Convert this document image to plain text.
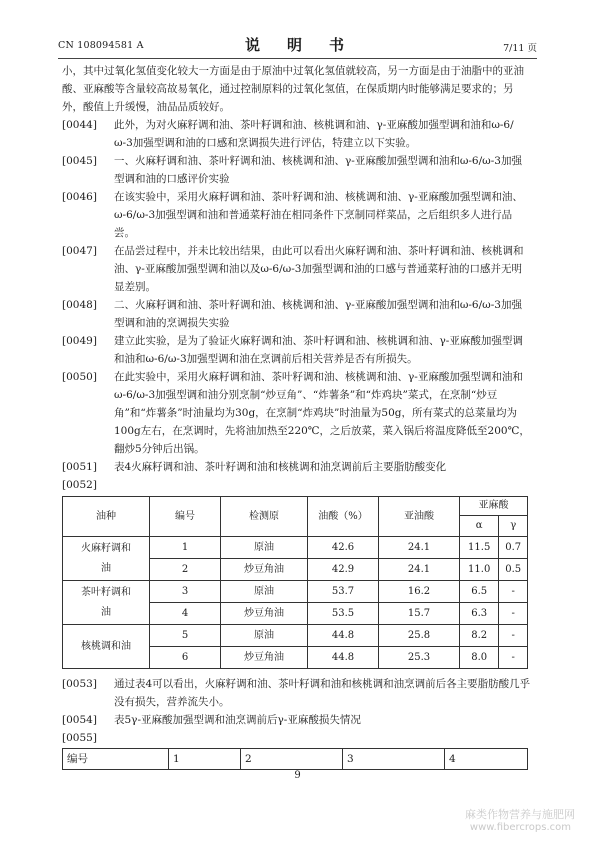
CN 108094581 A	说　明　书	7/11 页

小，其中过氧化氢值变化较大一方面是由于原油中过氧化氢值就较高，另一方面是由于油脂中的亚油酸、亚麻酸等含量较高故易氧化，通过控制原料的过氧化氢值，在保质期内时能够满足要求的；另外，酸值上升缓慢，油品品质较好。

[0044]	此外，为对火麻籽调和油、茶叶籽调和油、核桃调和油、γ-亚麻酸加强型调和油和ω-6/ω-3加强型调和油的口感和烹调损失进行评估，特建立以下实验。
[0045]	一、火麻籽调和油、茶叶籽调和油、核桃调和油、γ-亚麻酸加强型调和油和ω-6/ω-3加强型调和油的口感评价实验
[0046]	在该实验中，采用火麻籽调和油、茶叶籽调和油、核桃调和油、γ-亚麻酸加强型调和油、ω-6/ω-3加强型调和油和普通菜籽油在相同条件下烹制同样菜品，之后组织多人进行品尝。
[0047]	在品尝过程中，并未比较出结果，由此可以看出火麻籽调和油、茶叶籽调和油、核桃调和油、γ-亚麻酸加强型调和油以及ω-6/ω-3加强型调和油的口感与普通菜籽油的口感并无明显差别。
[0048]	二、火麻籽调和油、茶叶籽调和油、核桃调和油、γ-亚麻酸加强型调和油和ω-6/ω-3加强型调和油的烹调损失实验
[0049]	建立此实验，是为了验证火麻籽调和油、茶叶籽调和油、核桃调和油、γ-亚麻酸加强型调和油和ω-6/ω-3加强型调和油在烹调前后相关营养是否有所损失。
[0050]	在此实验中，采用火麻籽调和油、茶叶籽调和油、核桃调和油、γ-亚麻酸加强型调和油和ω-6/ω-3加强型调和油分别烹制“炒豆角”、“炸薯条”和“炸鸡块”菜式，在烹制“炒豆角”和“炸薯条”时油量均为30g，在烹制“炸鸡块”时油量为50g，所有菜式的总菜量均为100g左右，在烹调时，先将油加热至220℃，之后放菜，菜入锅后将温度降低至200℃，翻炒5分钟后出锅。
[0051]	表4火麻籽调和油、茶叶籽调和油和核桃调和油烹调前后主要脂肪酸变化
[0052]
油种	编号	检测原	油酸（%）	亚油酸	亚麻酸	
					α	γ
火麻籽调和
油	1	原油	42.6	24.1	11.5	0.7
	2	炒豆角油	42.9	24.1	11.0	0.5
茶叶籽调和
油	3	原油	53.7	16.2	6.5	-
	4	炒豆角油	53.5	15.7	6.3	-
核桃调和油	5	原油	44.8	25.8	8.2	-
	6	炒豆角油	44.8	25.3	8.0	-
[0053]	通过表4可以看出，火麻籽调和油、茶叶籽调和油和核桃调和油烹调前后各主要脂肪酸几乎没有损失，营养流失小。
[0054]	表5γ-亚麻酸加强型调和油烹调前后γ-亚麻酸损失情况
[0055]
编号	1	2	3	4
9
麻类作物营养与施肥网
www.fibercrops.com
